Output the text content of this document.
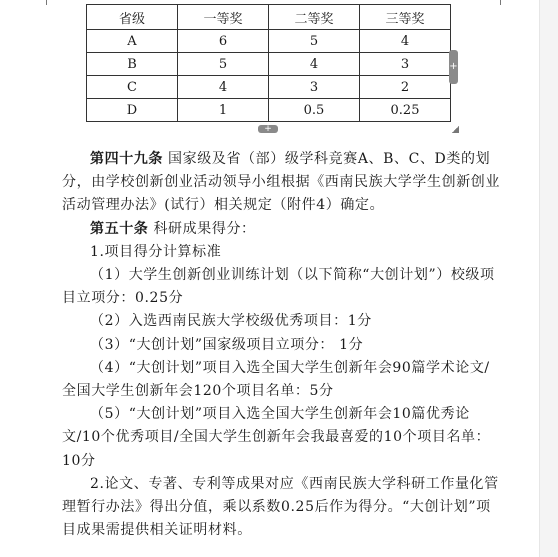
省级	一等奖	二等奖	三等奖
A	6	5	4
B	5	4	3
C	4	3	2
D	1	0.5	0.25
+
+

第四十九条 国家级及省（部）级学科竞赛A、B、C、D类的划分，由学校创新创业活动领导小组根据《西南民族大学学生创新创业活动管理办法》(试行）相关规定（附件4）确定。

第五十条 科研成果得分：

1.项目得分计算标准

（1）大学生创新创业训练计划（以下简称“大创计划”）校级项目立项分：0.25分

（2）入选西南民族大学校级优秀项目：1分

（3）“大创计划”国家级项目立项分： 1分

（4）“大创计划”项目入选全国大学生创新年会90篇学术论文/全国大学生创新年会120个项目名单：5分

（5）“大创计划”项目入选全国大学生创新年会10篇优秀论文/10个优秀项目/全国大学生创新年会我最喜爱的10个项目名单：10分

2.论文、专著、专利等成果对应《西南民族大学科研工作量化管理暂行办法》得出分值，乘以系数0.25后作为得分。“大创计划”项目成果需提供相关证明材料。
